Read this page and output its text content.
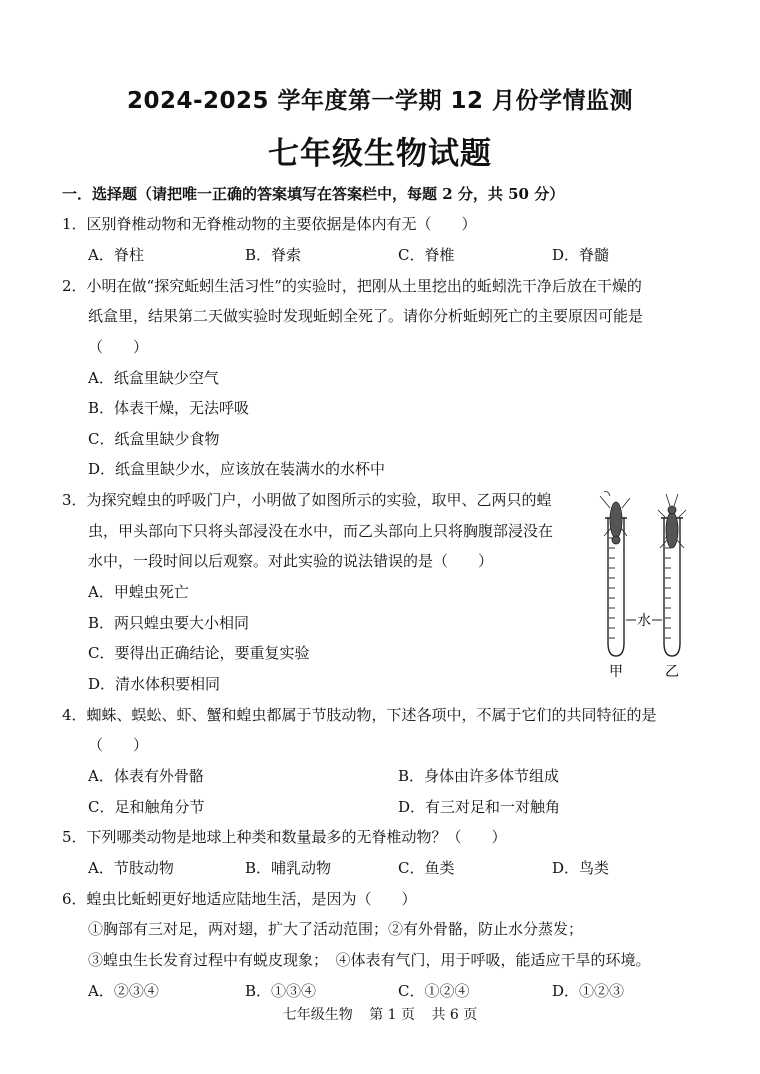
2024-2025 学年度第一学期 12 月份学情监测
七年级生物试题
一．选择题（请把唯一正确的答案填写在答案栏中，每题 2 分，共 50 分）
1．区别脊椎动物和无脊椎动物的主要依据是体内有无（　　）
A．脊柱	B．脊索	C．脊椎	D．脊髓
2．小明在做“探究蚯蚓生活习性”的实验时，把刚从土里挖出的蚯蚓洗干净后放在干燥的
纸盒里，结果第二天做实验时发现蚯蚓全死了。请你分析蚯蚓死亡的主要原因可能是
（　　）
A．纸盒里缺少空气
B．体表干燥，无法呼吸
C．纸盒里缺少食物
D．纸盒里缺少水，应该放在装满水的水杯中
3．为探究蝗虫的呼吸门户，小明做了如图所示的实验，取甲、乙两只的蝗
虫，甲头部向下只将头部浸没在水中，而乙头部向上只将胸腹部浸没在
水中，一段时间以后观察。对此实验的说法错误的是（　　）
A．甲蝗虫死亡
B．两只蝗虫要大小相同
C．要得出正确结论，要重复实验
D．清水体积要相同
水
甲	乙
4．蜘蛛、蜈蚣、虾、蟹和蝗虫都属于节肢动物，下述各项中，不属于它们的共同特征的是
（　　）
A．体表有外骨骼	B．身体由许多体节组成
C．足和触角分节	D．有三对足和一对触角
5．下列哪类动物是地球上种类和数量最多的无脊椎动物？（　　）
A．节肢动物	B．哺乳动物	C．鱼类	D．鸟类
6．蝗虫比蚯蚓更好地适应陆地生活，是因为（　　）
①胸部有三对足，两对翅，扩大了活动范围；②有外骨骼，防止水分蒸发；
③蝗虫生长发育过程中有蜕皮现象；　④体表有气门，用于呼吸，能适应干旱的环境。
A．②③④	B．①③④	C．①②④	D．①②③
七年级生物 第 1 页 共 6 页
